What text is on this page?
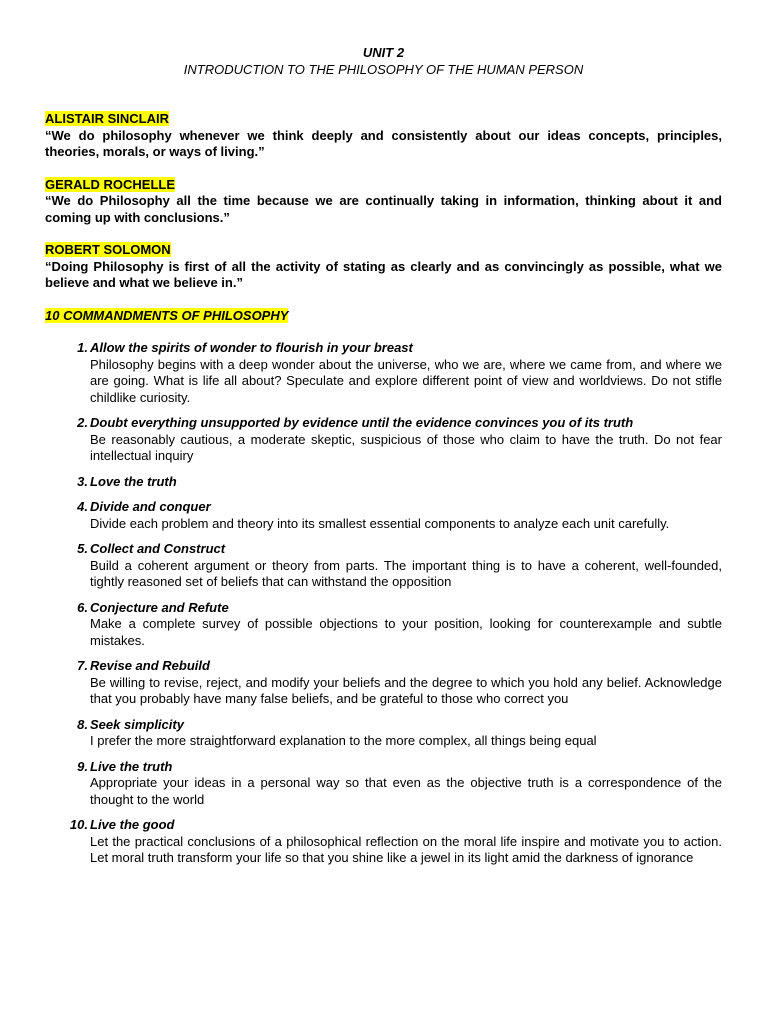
UNIT 2
INTRODUCTION TO THE PHILOSOPHY OF THE HUMAN PERSON
ALISTAIR SINCLAIR
“We do philosophy whenever we think deeply and consistently about our ideas concepts, principles, theories, morals, or ways of living.”
GERALD ROCHELLE
“We do Philosophy all the time because we are continually taking in information, thinking about it and coming up with conclusions.”
ROBERT SOLOMON
“Doing Philosophy is first of all the activity of stating as clearly and as convincingly as possible, what we believe and what we believe in.”
10 COMMANDMENTS OF PHILOSOPHY
1. Allow the spirits of wonder to flourish in your breast
Philosophy begins with a deep wonder about the universe, who we are, where we came from, and where we are going. What is life all about? Speculate and explore different point of view and worldviews. Do not stifle childlike curiosity.
2. Doubt everything unsupported by evidence until the evidence convinces you of its truth
Be reasonably cautious, a moderate skeptic, suspicious of those who claim to have the truth. Do not fear intellectual inquiry
3. Love the truth
4. Divide and conquer
Divide each problem and theory into its smallest essential components to analyze each unit carefully.
5. Collect and Construct
Build a coherent argument or theory from parts. The important thing is to have a coherent, well-founded, tightly reasoned set of beliefs that can withstand the opposition
6. Conjecture and Refute
Make a complete survey of possible objections to your position, looking for counterexample and subtle mistakes.
7. Revise and Rebuild
Be willing to revise, reject, and modify your beliefs and the degree to which you hold any belief. Acknowledge that you probably have many false beliefs, and be grateful to those who correct you
8. Seek simplicity
I prefer the more straightforward explanation to the more complex, all things being equal
9. Live the truth
Appropriate your ideas in a personal way so that even as the objective truth is a correspondence of the thought to the world
10. Live the good
Let the practical conclusions of a philosophical reflection on the moral life inspire and motivate you to action. Let moral truth transform your life so that you shine like a jewel in its light amid the darkness of ignorance
